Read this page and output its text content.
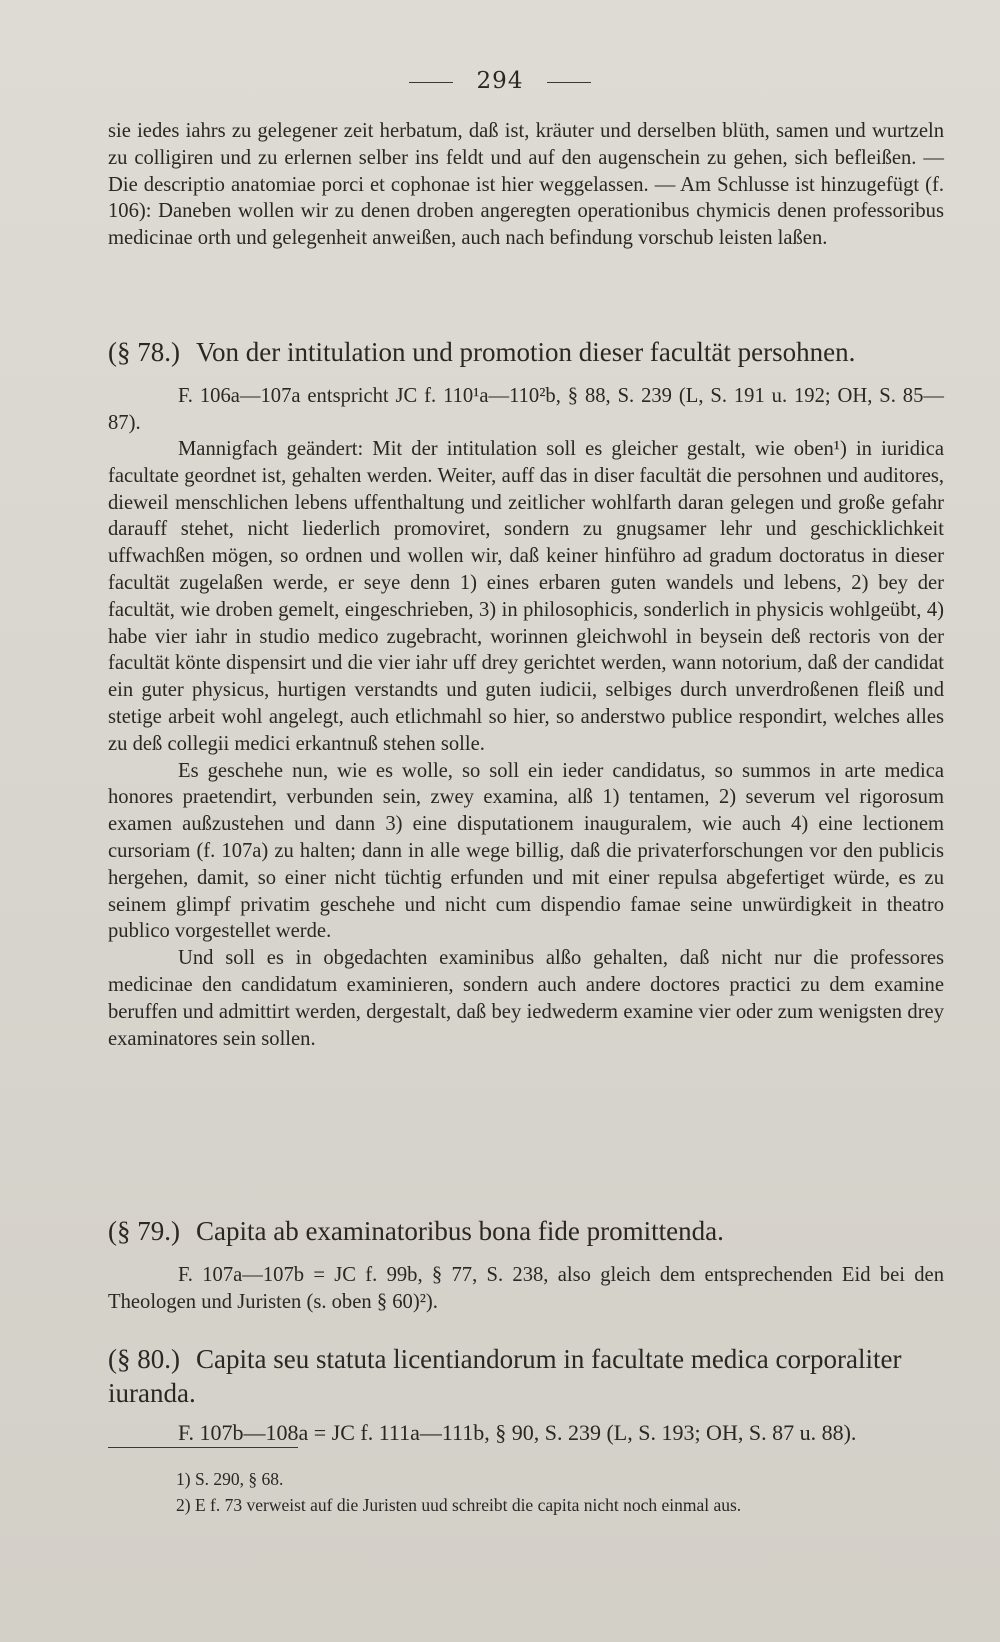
294
sie iedes iahrs zu gelegener zeit herbatum, daß ist, kräuter und derselben blüth, samen und wurtzeln zu colligiren und zu erlernen selber ins feldt und auf den augenschein zu gehen, sich befleißen. — Die descriptio anatomiae porci et cophonae ist hier weggelassen. — Am Schlusse ist hinzugefügt (f. 106): Daneben wollen wir zu denen droben angeregten operationibus chymicis denen professoribus medicinae orth und gelegenheit anweißen, auch nach befindung vorschub leisten laßen.
(§ 78.) Von der intitulation und promotion dieser facultät persohnen.
F. 106a—107a entspricht JC f. 110¹a—110²b, § 88, S. 239 (L, S. 191 u. 192; OH, S. 85—87).

Mannigfach geändert: Mit der intitulation soll es gleicher gestalt, wie oben¹) in iuridica facultate geordnet ist, gehalten werden. Weiter, auff das in diser facultät die persohnen und auditores, dieweil menschlichen lebens uffenthaltung und zeitlicher wohlfarth daran gelegen und große gefahr darauff stehet, nicht liederlich promoviret, sondern zu gnugsamer lehr und geschicklichkeit uffwachßen mögen, so ordnen und wollen wir, daß keiner hinführo ad gradum doctoratus in dieser facultät zugelaßen werde, er seye denn 1) eines erbaren guten wandels und lebens, 2) bey der facultät, wie droben gemelt, eingeschrieben, 3) in philosophicis, sonderlich in physicis wohlgeübt, 4) habe vier iahr in studio medico zugebracht, worinnen gleichwohl in beysein deß rectoris von der facultät könte dispensirt und die vier iahr uff drey gerichtet werden, wann notorium, daß der candidat ein guter physicus, hurtigen verstandts und guten iudicii, selbiges durch unverdroßenen fleiß und stetige arbeit wohl angelegt, auch etlichmahl so hier, so anderstwo publice respondirt, welches alles zu deß collegii medici erkantnuß stehen solle.

Es geschehe nun, wie es wolle, so soll ein ieder candidatus, so summos in arte medica honores praetendirt, verbunden sein, zwey examina, alß 1) tentamen, 2) severum vel rigorosum examen außzustehen und dann 3) eine disputationem inauguralem, wie auch 4) eine lectionem cursoriam (f. 107a) zu halten; dann in alle wege billig, daß die privaterforschungen vor den publicis hergehen, damit, so einer nicht tüchtig erfunden und mit einer repulsa abgefertiget würde, es zu seinem glimpf privatim geschehe und nicht cum dispendio famae seine unwürdigkeit in theatro publico vorgestellet werde.

Und soll es in obgedachten examinibus alßo gehalten, daß nicht nur die professores medicinae den candidatum examinieren, sondern auch andere doctores practici zu dem examine beruffen und admittirt werden, dergestalt, daß bey iedwederm examine vier oder zum wenigsten drey examinatores sein sollen.

(§ 79.) Capita ab examinatoribus bona fide promittenda.
F. 107a—107b = JC f. 99b, § 77, S. 238, also gleich dem entsprechenden Eid bei den Theologen und Juristen (s. oben § 60)²).
(§ 80.) Capita seu statuta licentiandorum in facultate medica corporaliter iuranda.
F. 107b—108a = JC f. 111a—111b, § 90, S. 239 (L, S. 193; OH, S. 87 u. 88).
1) S. 290, § 68.
2) E f. 73 verweist auf die Juristen uud schreibt die capita nicht noch einmal aus.
